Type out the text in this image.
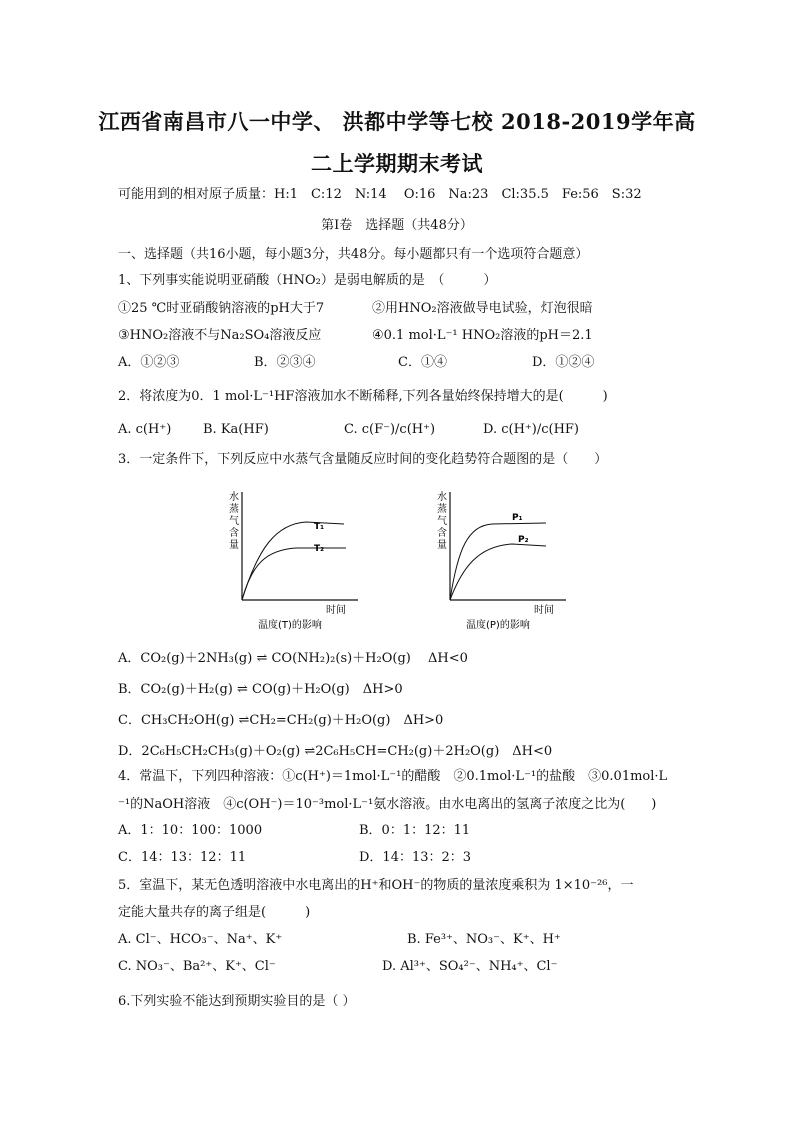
江西省南昌市八一中学、 洪都中学等七校 2018-2019学年高
二上学期期末考试
可能用到的相对原子质量：H:1　C:12　N:14　 O:16　Na:23　Cl:35.5　Fe:56　S:32
第Ⅰ卷　选择题（共48分）
一、选择题（共16小题，每小题3分，共48分。每小题都只有一个选项符合题意）
1、下列事实能说明亚硝酸（HNO₂）是弱电解质的是　（　　　）
①25 ℃时亚硝酸钠溶液的pH大于7	②用HNO₂溶液做导电试验，灯泡很暗
③HNO₂溶液不与Na₂SO₄溶液反应	④0.1 mol·L⁻¹ HNO₂溶液的pH＝2.1
A．①②③	B．②③④	C．①④	D．①②④
2．将浓度为0．1 mol·L⁻¹HF溶液加水不断稀释,下列各量始终保持增大的是(　　　)
A. c(H⁺) B. Ka(HF)	C. c(F⁻)/c(H⁺)	D. c(H⁺)/c(HF)
3．一定条件下，下列反应中水蒸气含量随反应时间的变化趋势符合题图的是（　　）
水
蒸
气
含
量
T₁
T₂
时间
温度(T)的影响
水
蒸
气
含
量
P₁
P₂
时间
温度(P)的影响
A．CO₂(g)＋2NH₃(g) ⇌ CO(NH₂)₂(s)＋H₂O(g)　 ΔH<0
B．CO₂(g)＋H₂(g) ⇌ CO(g)＋H₂O(g)　ΔH>0
C．CH₃CH₂OH(g) ⇌CH₂=CH₂(g)＋H₂O(g)　ΔH>0
D．2C₆H₅CH₂CH₃(g)＋O₂(g) ⇌2C₆H₅CH=CH₂(g)＋2H₂O(g)　ΔH<0
4．常温下，下列四种溶液：①c(H⁺)＝1mol·L⁻¹的醋酸　②0.1mol·L⁻¹的盐酸　③0.01mol·L
⁻¹的NaOH溶液　④c(OH⁻)＝10⁻³mol·L⁻¹氨水溶液。由水电离出的氢离子浓度之比为(　　)
A．1：10：100：1000	B．0：1：12：11
C．14：13：12：11	D．14：13：2：3
5．室温下，某无色透明溶液中水电离出的H⁺和OH⁻的物质的量浓度乘积为 1×10⁻²⁶，一
定能大量共存的离子组是(　　　)
A. Cl⁻、HCO₃⁻、Na⁺、K⁺	B. Fe³⁺、NO₃⁻、K⁺、H⁺
C. NO₃⁻、Ba²⁺、K⁺、Cl⁻	D. Al³⁺、SO₄²⁻、NH₄⁺、Cl⁻
6.下列实验不能达到预期实验目的是（ ）
